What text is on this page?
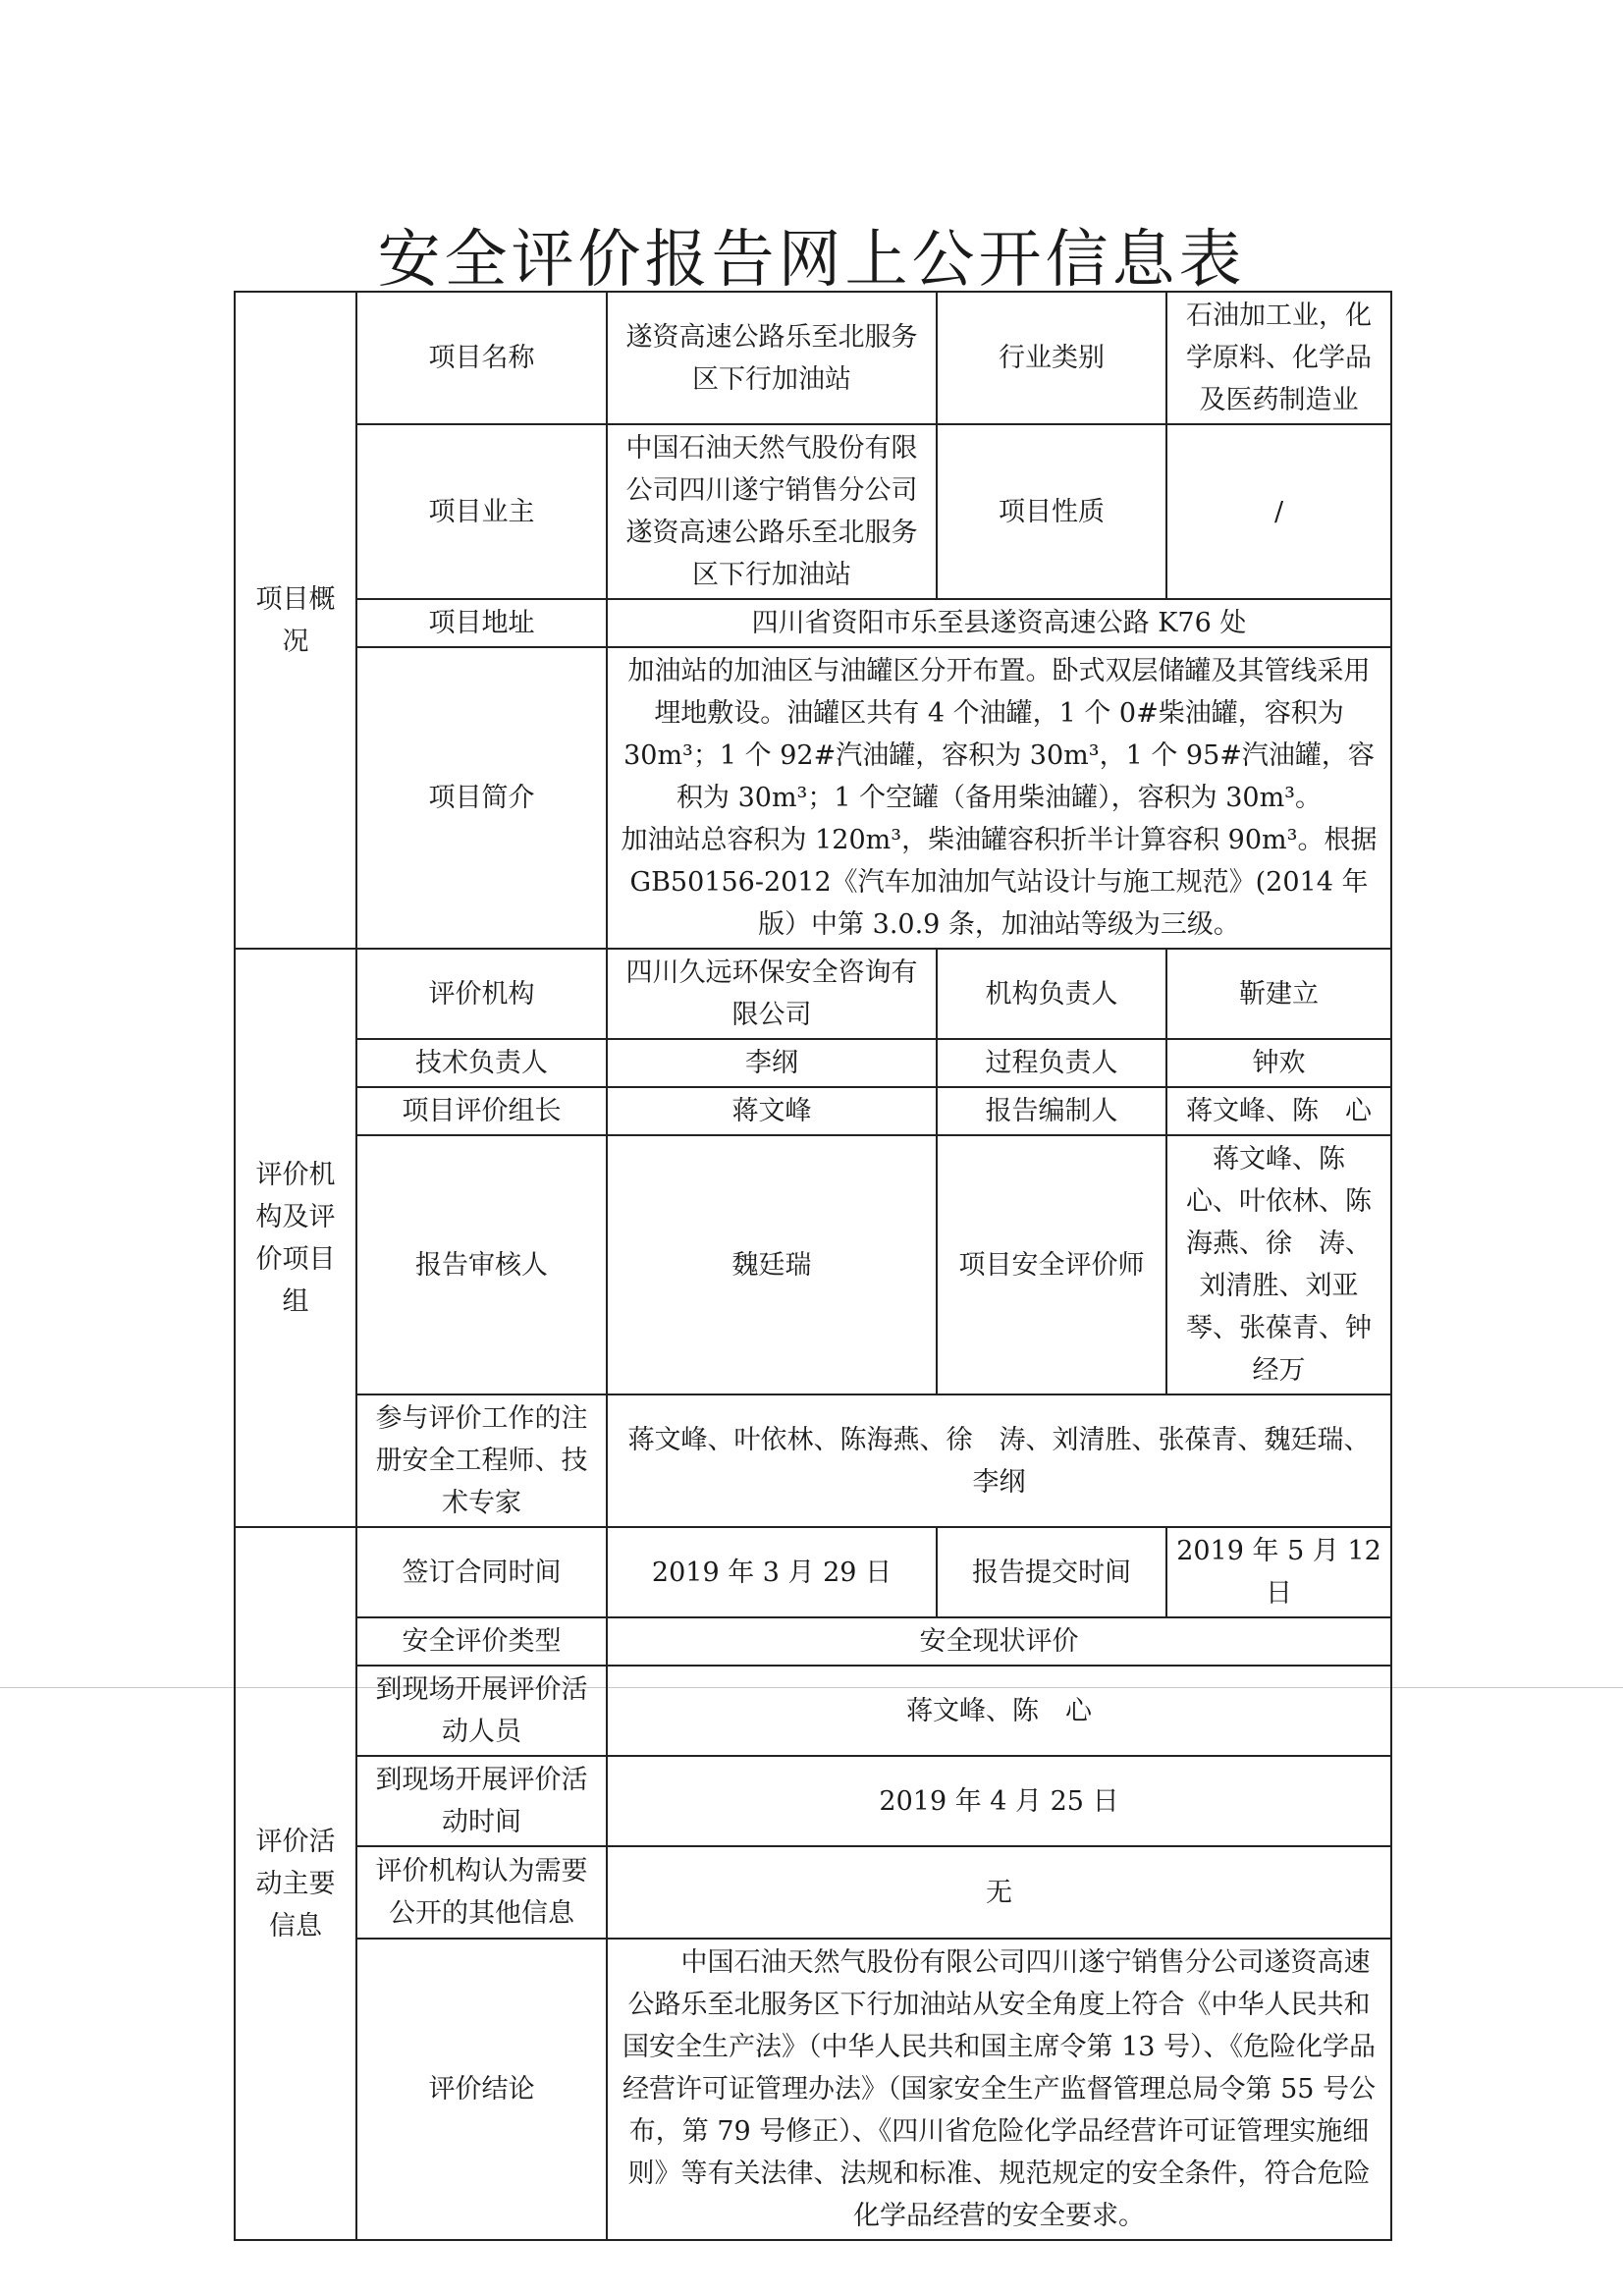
安全评价报告网上公开信息表
项目概况	项目名称	遂资高速公路乐至北服务区下行加油站	行业类别	石油加工业，化学原料、化学品及医药制造业
	项目业主	中国石油天然气股份有限公司四川遂宁销售分公司遂资高速公路乐至北服务区下行加油站	项目性质	/
	项目地址	四川省资阳市乐至县遂资高速公路 K76 处		
	项目简介	加油站的加油区与油罐区分开布置。卧式双层储罐及其管线采用埋地敷设。油罐区共有 4 个油罐，1 个 0#柴油罐，容积为 30m³；1 个 92#汽油罐，容积为 30m³，1 个 95#汽油罐，容积为 30m³；1 个空罐（备用柴油罐），容积为 30m³。
加油站总容积为 120m³，柴油罐容积折半计算容积 90m³。根据 GB50156-2012《汽车加油加气站设计与施工规范》(2014 年版）中第 3.0.9 条，加油站等级为三级。		

评价机构及评价项目组	评价机构	四川久远环保安全咨询有限公司	机构负责人	靳建立
	技术负责人	李纲	过程负责人	钟欢
	项目评价组长	蒋文峰	报告编制人	蒋文峰、陈　心
	报告审核人	魏廷瑞	项目安全评价师	蒋文峰、陈　心、叶依林、陈海燕、徐　涛、刘清胜、刘亚琴、张葆青、钟经万
	参与评价工作的注册安全工程师、技术专家	蒋文峰、叶依林、陈海燕、徐　涛、刘清胜、张葆青、魏廷瑞、李纲		
评价活动主要信息	签订合同时间	2019 年 3 月 29 日	报告提交时间	2019 年 5 月 12 日
	安全评价类型	安全现状评价		
	到现场开展评价活动人员	蒋文峰、陈　心		
	到现场开展评价活动时间	2019 年 4 月 25 日		
	评价机构认为需要公开的其他信息	无		
	评价结论	中国石油天然气股份有限公司四川遂宁销售分公司遂资高速公路乐至北服务区下行加油站从安全角度上符合《中华人民共和国安全生产法》（中华人民共和国主席令第 13 号）、《危险化学品经营许可证管理办法》（国家安全生产监督管理总局令第 55 号公布，第 79 号修正）、《四川省危险化学品经营许可证管理实施细则》等有关法律、法规和标准、规范规定的安全条件，符合危险化学品经营的安全要求。		
